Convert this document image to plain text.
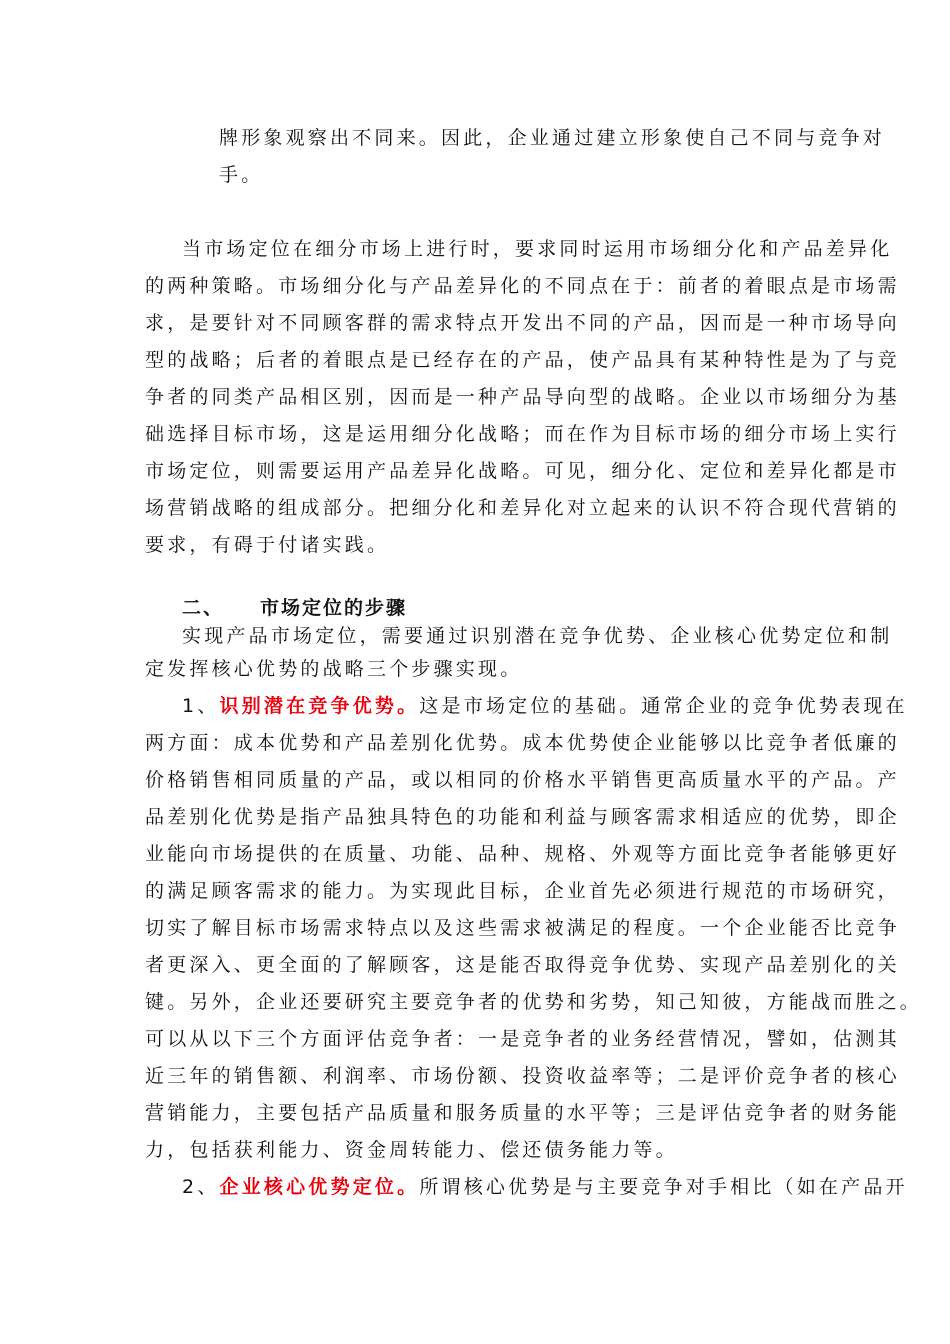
牌形象观察出不同来。因此，企业通过建立形象使自己不同与竞争对

手。

当市场定位在细分市场上进行时，要求同时运用市场细分化和产品差异化

的两种策略。市场细分化与产品差异化的不同点在于：前者的着眼点是市场需

求，是要针对不同顾客群的需求特点开发出不同的产品，因而是一种市场导向

型的战略；后者的着眼点是已经存在的产品，使产品具有某种特性是为了与竞

争者的同类产品相区别，因而是一种产品导向型的战略。企业以市场细分为基

础选择目标市场，这是运用细分化战略；而在作为目标市场的细分市场上实行

市场定位，则需要运用产品差异化战略。可见，细分化、定位和差异化都是市

场营销战略的组成部分。把细分化和差异化对立起来的认识不符合现代营销的

要求，有碍于付诸实践。

二、 市场定位的步骤

实现产品市场定位，需要通过识别潜在竞争优势、企业核心优势定位和制

定发挥核心优势的战略三个步骤实现。

1、识别潜在竞争优势。这是市场定位的基础。通常企业的竞争优势表现在

两方面：成本优势和产品差别化优势。成本优势使企业能够以比竞争者低廉的

价格销售相同质量的产品，或以相同的价格水平销售更高质量水平的产品。产

品差别化优势是指产品独具特色的功能和利益与顾客需求相适应的优势，即企

业能向市场提供的在质量、功能、品种、规格、外观等方面比竞争者能够更好

的满足顾客需求的能力。为实现此目标，企业首先必须进行规范的市场研究，

切实了解目标市场需求特点以及这些需求被满足的程度。一个企业能否比竞争

者更深入、更全面的了解顾客，这是能否取得竞争优势、实现产品差别化的关

键。另外，企业还要研究主要竞争者的优势和劣势，知己知彼，方能战而胜之。

可以从以下三个方面评估竞争者：一是竞争者的业务经营情况，譬如，估测其

近三年的销售额、利润率、市场份额、投资收益率等；二是评价竞争者的核心

营销能力，主要包括产品质量和服务质量的水平等；三是评估竞争者的财务能

力，包括获利能力、资金周转能力、偿还债务能力等。

2、企业核心优势定位。所谓核心优势是与主要竞争对手相比（如在产品开
